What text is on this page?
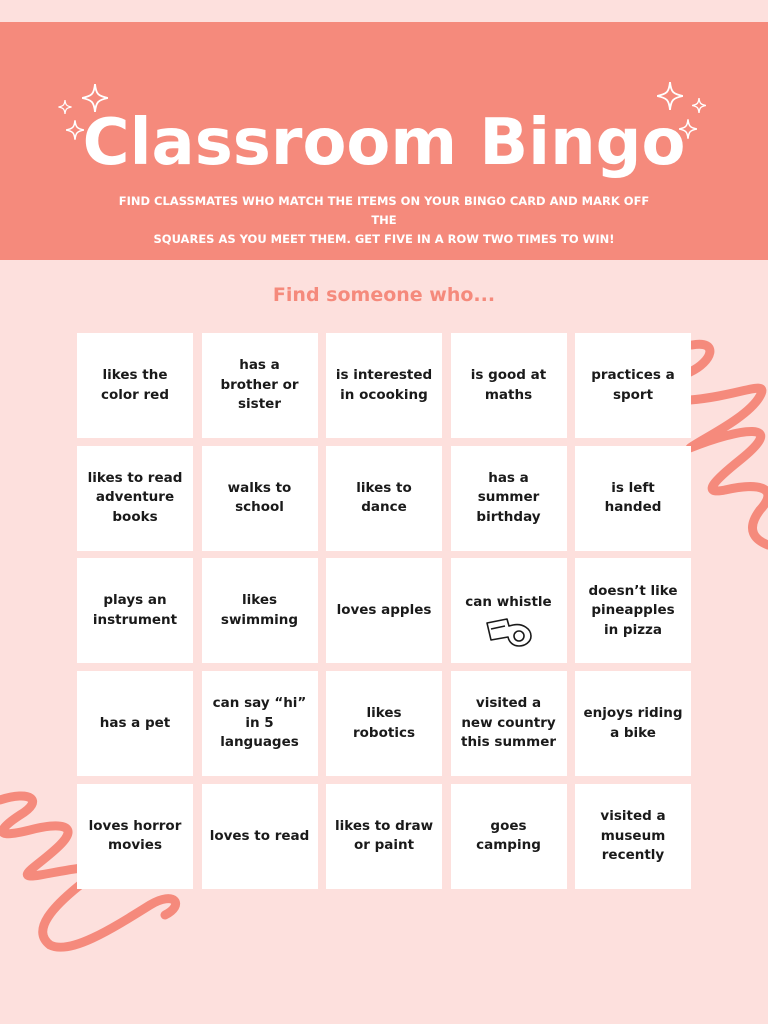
Classroom Bingo
FIND CLASSMATES WHO MATCH THE ITEMS ON YOUR BINGO CARD AND MARK OFF THE
SQUARES AS YOU MEET THEM. GET FIVE IN A ROW TWO TIMES TO WIN!
Find someone who...
likes the color red
has a brother or sister
is interested in ocooking
is good at maths
practices a sport
likes to read adventure books
walks to school
likes to dance
has a summer birthday
is left handed
plays an instrument
likes swimming
loves apples	can whistle
doesn’t like pineapples in pizza
has a pet
can say “hi” in 5 languages
likes robotics
visited a new country this summer
enjoys riding a bike
loves horror movies
loves to read
likes to draw or paint
goes camping
visited a museum recently
